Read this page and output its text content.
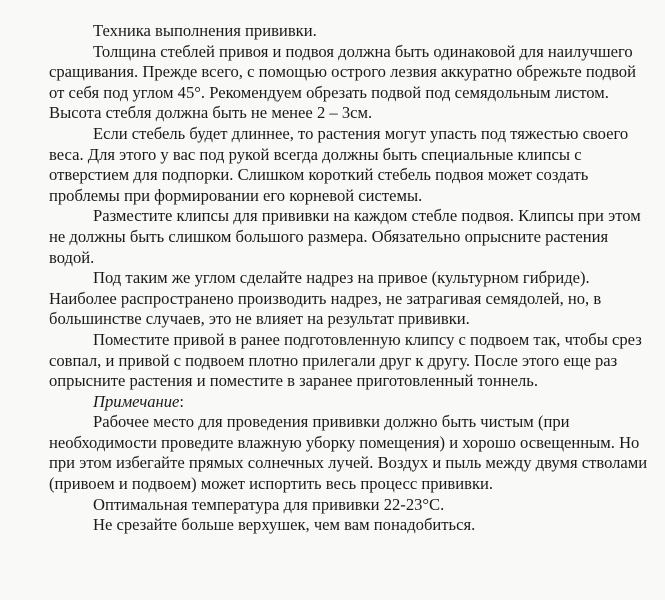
Техника выполнения прививки.

Толщина стеблей привоя и подвоя должна быть одинаковой для наилучшего сращивания. Прежде всего, с помощью острого лезвия аккуратно обрежьте подвой от себя под углом 45°. Рекомендуем обрезать подвой под семядольным листом. Высота стебля должна быть не менее 2 – 3см.

Если стебель будет длиннее, то растения могут упасть под тяжестью своего веса. Для этого у вас под рукой всегда должны быть специальные клипсы с отверстием для подпорки. Слишком короткий стебель подвоя может создать проблемы при формировании его корневой системы.

Разместите клипсы для прививки на каждом стебле подвоя. Клипсы при этом не должны быть слишком большого размера. Обязательно опрысните растения водой.

Под таким же углом сделайте надрез на привое (культурном гибриде). Наиболее распространено производить надрез, не затрагивая семядолей, но, в большинстве случаев, это не влияет на результат прививки.

Поместите привой в ранее подготовленную клипсу с подвоем так, чтобы срез совпал, и привой с подвоем плотно прилегали друг к другу. После этого еще раз опрысните растения и поместите в заранее приготовленный тоннель.

Примечание:

Рабочее место для проведения прививки должно быть чистым (при необходимости проведите влажную уборку помещения) и хорошо освещенным. Но при этом избегайте прямых солнечных лучей. Воздух и пыль между двумя стволами (привоем и подвоем) может испортить весь процесс прививки.

Оптимальная температура для прививки 22-23°С.

Не срезайте больше верхушек, чем вам понадобиться.
